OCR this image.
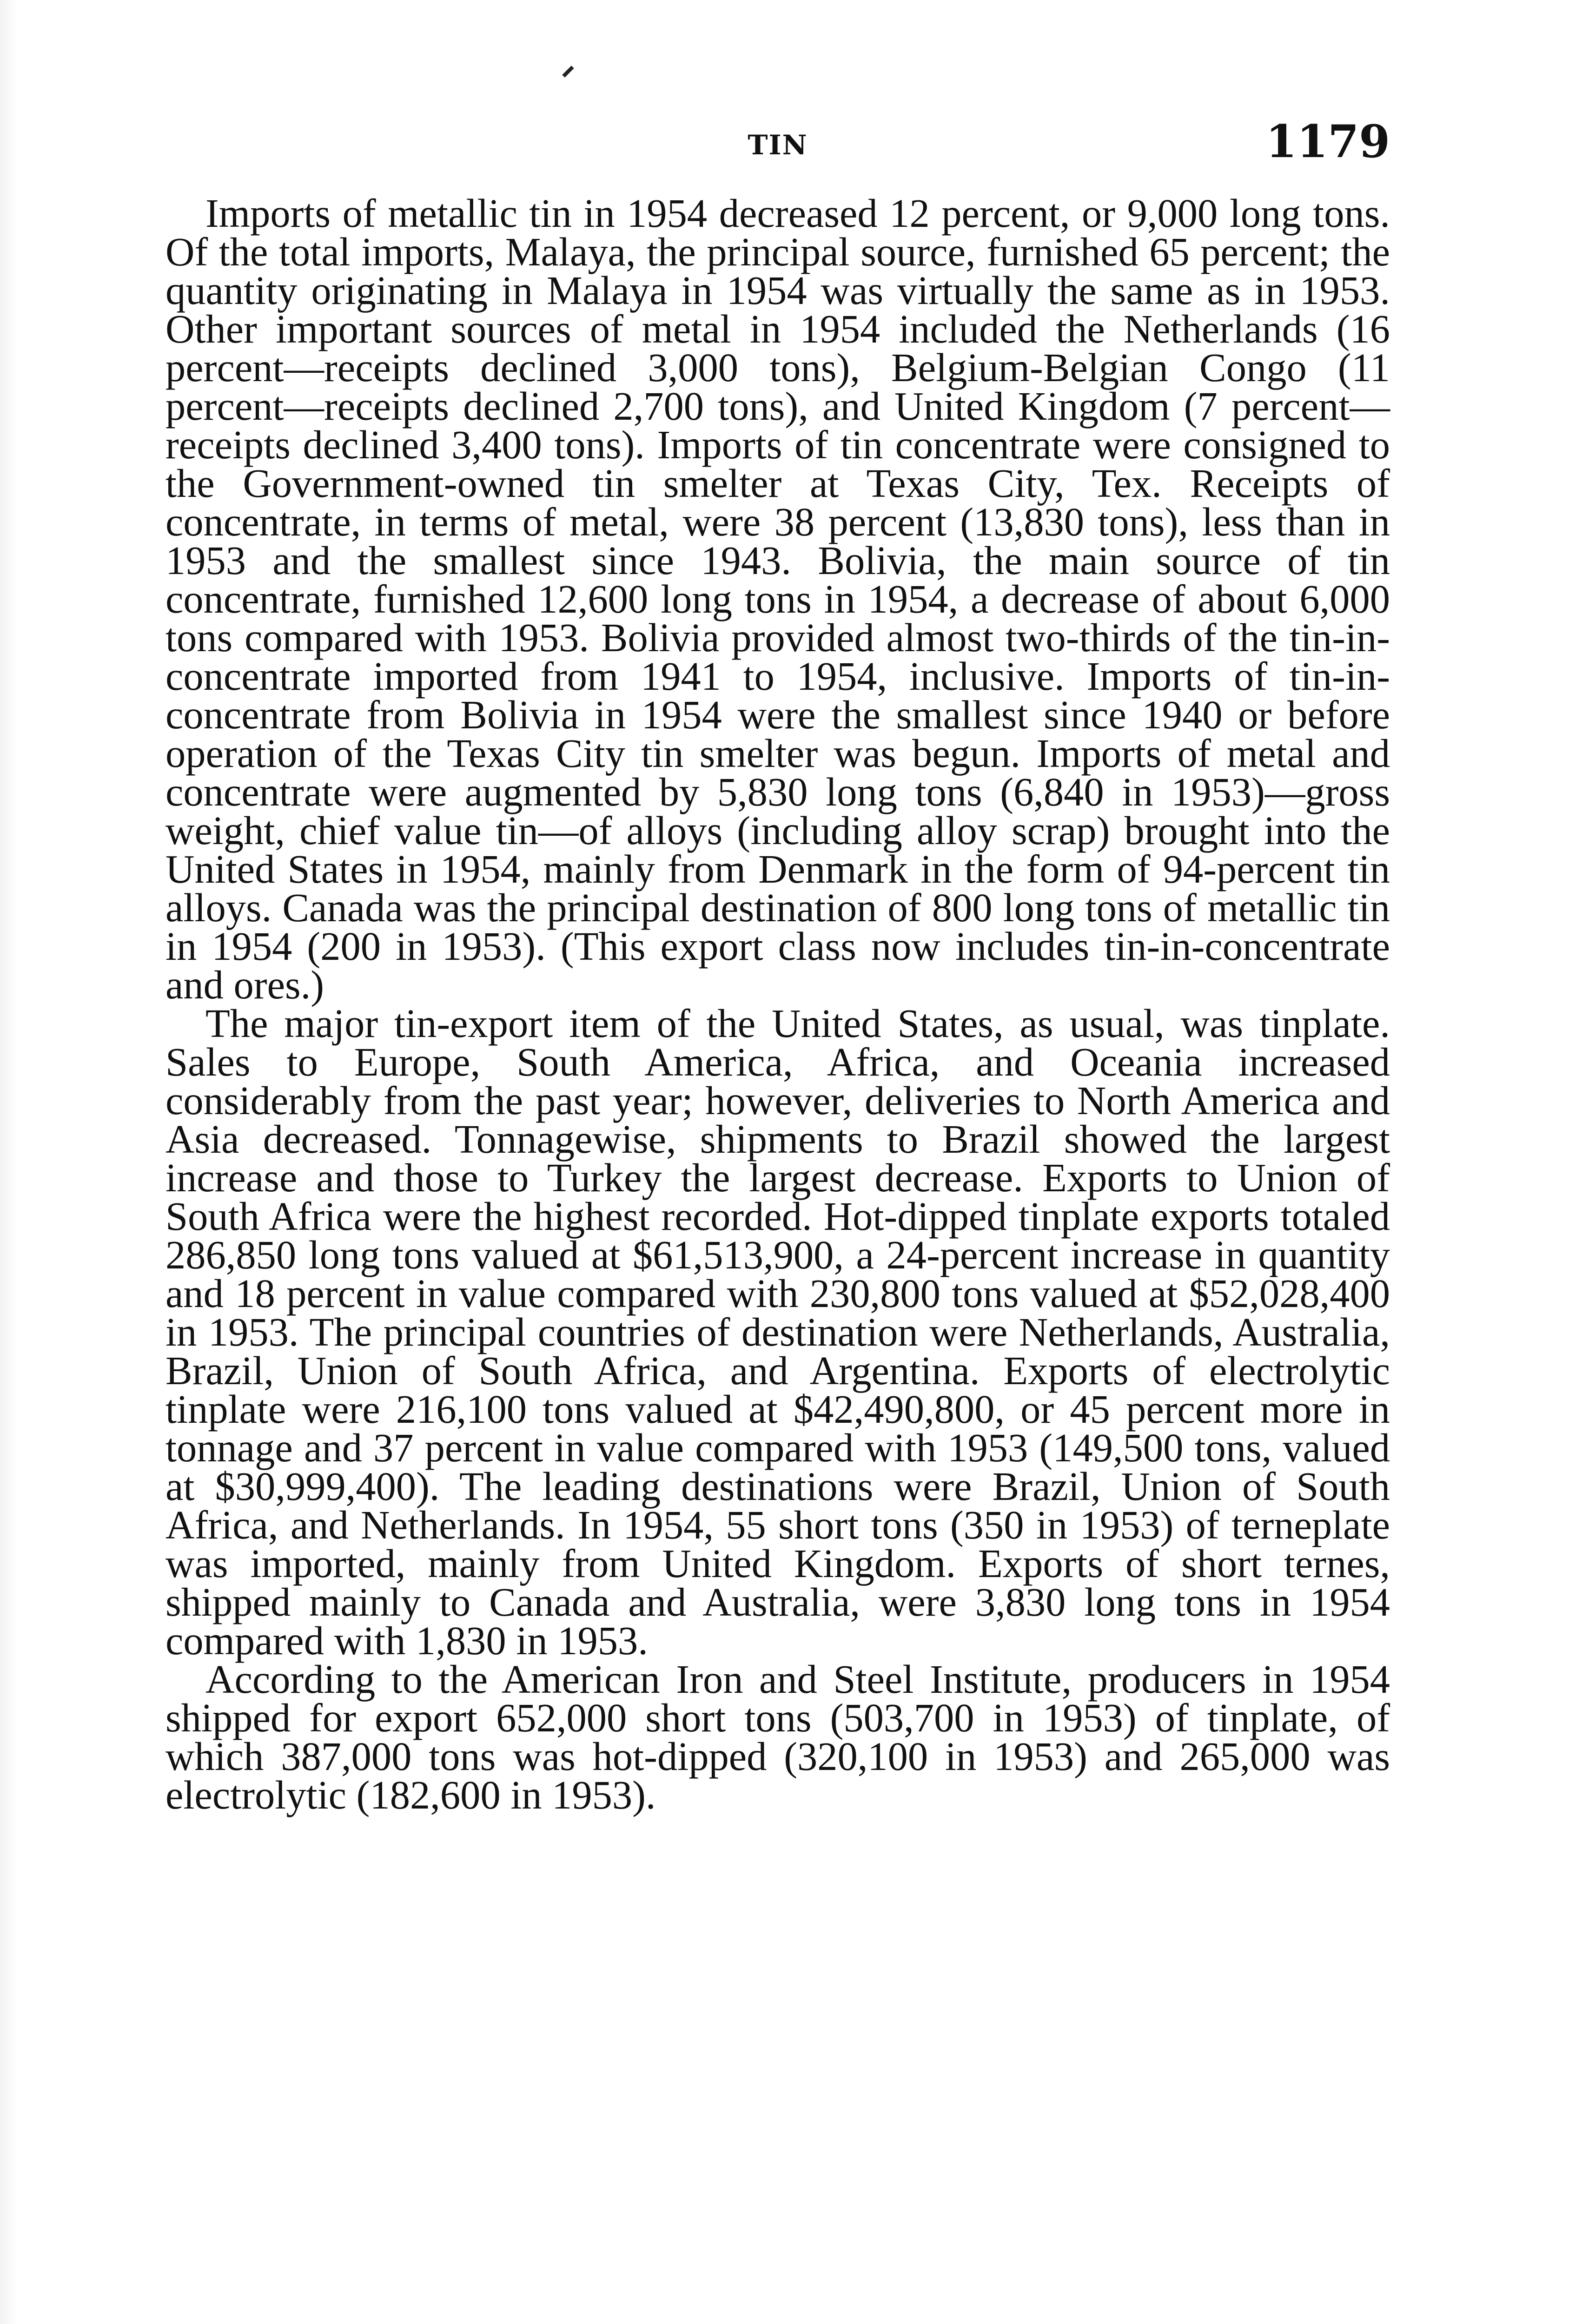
TIN	1179

Imports of metallic tin in 1954 decreased 12 percent, or 9,000 long tons. Of the total imports, Malaya, the principal source, furnished 65 percent; the quantity originating in Malaya in 1954 was virtually the same as in 1953. Other important sources of metal in 1954 included the Netherlands (16 percent—receipts declined 3,000 tons), Belgium-Belgian Congo (11 percent—receipts declined 2,700 tons), and United Kingdom (7 percent—receipts declined 3,400 tons). Imports of tin concentrate were consigned to the Government-owned tin smelter at Texas City, Tex. Receipts of concentrate, in terms of metal, were 38 percent (13,830 tons), less than in 1953 and the smallest since 1943. Bolivia, the main source of tin concentrate, furnished 12,600 long tons in 1954, a decrease of about 6,000 tons compared with 1953. Bolivia provided almost two-thirds of the tin-in-concentrate imported from 1941 to 1954, inclusive. Imports of tin-in-concentrate from Bolivia in 1954 were the smallest since 1940 or before operation of the Texas City tin smelter was begun. Imports of metal and concentrate were augmented by 5,830 long tons (6,840 in 1953)—gross weight, chief value tin—of alloys (including alloy scrap) brought into the United States in 1954, mainly from Denmark in the form of 94-percent tin alloys. Canada was the principal destination of 800 long tons of metallic tin in 1954 (200 in 1953). (This export class now includes tin-in-concentrate and ores.)

The major tin-export item of the United States, as usual, was tinplate. Sales to Europe, South America, Africa, and Oceania increased considerably from the past year; however, deliveries to North America and Asia decreased. Tonnagewise, shipments to Brazil showed the largest increase and those to Turkey the largest decrease. Exports to Union of South Africa were the highest recorded. Hot-dipped tinplate exports totaled 286,850 long tons valued at $61,513,900, a 24-percent increase in quantity and 18 percent in value compared with 230,800 tons valued at $52,028,400 in 1953. The principal countries of destination were Netherlands, Australia, Brazil, Union of South Africa, and Argentina. Exports of electrolytic tinplate were 216,100 tons valued at $42,490,800, or 45 percent more in tonnage and 37 percent in value compared with 1953 (149,500 tons, valued at $30,999,400). The leading destinations were Brazil, Union of South Africa, and Netherlands. In 1954, 55 short tons (350 in 1953) of terneplate was imported, mainly from United Kingdom. Exports of short ternes, shipped mainly to Canada and Australia, were 3,830 long tons in 1954 compared with 1,830 in 1953.

According to the American Iron and Steel Institute, producers in 1954 shipped for export 652,000 short tons (503,700 in 1953) of tinplate, of which 387,000 tons was hot-dipped (320,100 in 1953) and 265,000 was electrolytic (182,600 in 1953).
